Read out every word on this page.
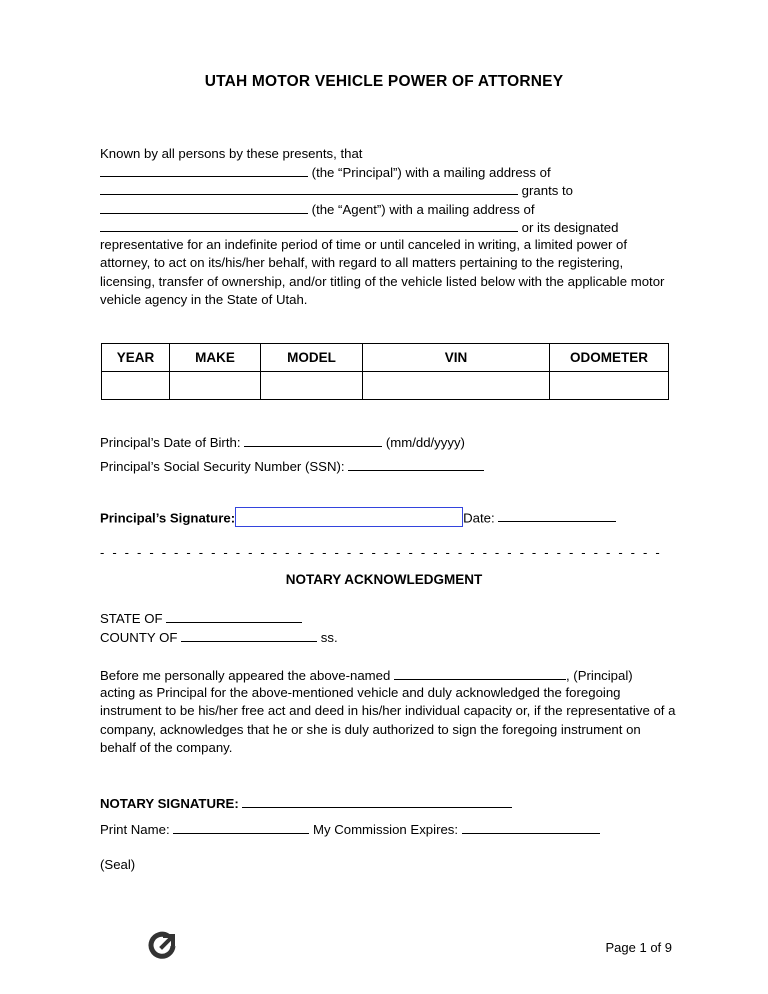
UTAH MOTOR VEHICLE POWER OF ATTORNEY
Known by all persons by these presents, that
(the “Principal”) with a mailing address of
grants to
(the “Agent”) with a mailing address of
or its designated
representative for an indefinite period of time or until canceled in writing, a limited power of attorney, to act on its/his/her behalf, with regard to all matters pertaining to the registering, licensing, transfer of ownership, and/or titling of the vehicle listed below with the applicable motor vehicle agency in the State of Utah.
YEAR	MAKE	MODEL	VIN	ODOMETER

Principal’s Date of Birth:	(mm/dd/yyyy)
Principal’s Social Security Number (SSN):
Principal’s Signature:	Date:
- - - - - - - - - - - - - - - - - - - - - - - - - - - - - - - - - - - - - - - - - - - - - -
NOTARY ACKNOWLEDGMENT
STATE OF
COUNTY OF	ss.
Before me personally appeared the above-named	, (Principal)
acting as Principal for the above-mentioned vehicle and duly acknowledged the foregoing instrument to be his/her free act and deed in his/her individual capacity or, if the representative of a company, acknowledges that he or she is duly authorized to sign the foregoing instrument on behalf of the company.
NOTARY SIGNATURE:
Print Name:	My Commission Expires:
(Seal)
Page 1 of 9
